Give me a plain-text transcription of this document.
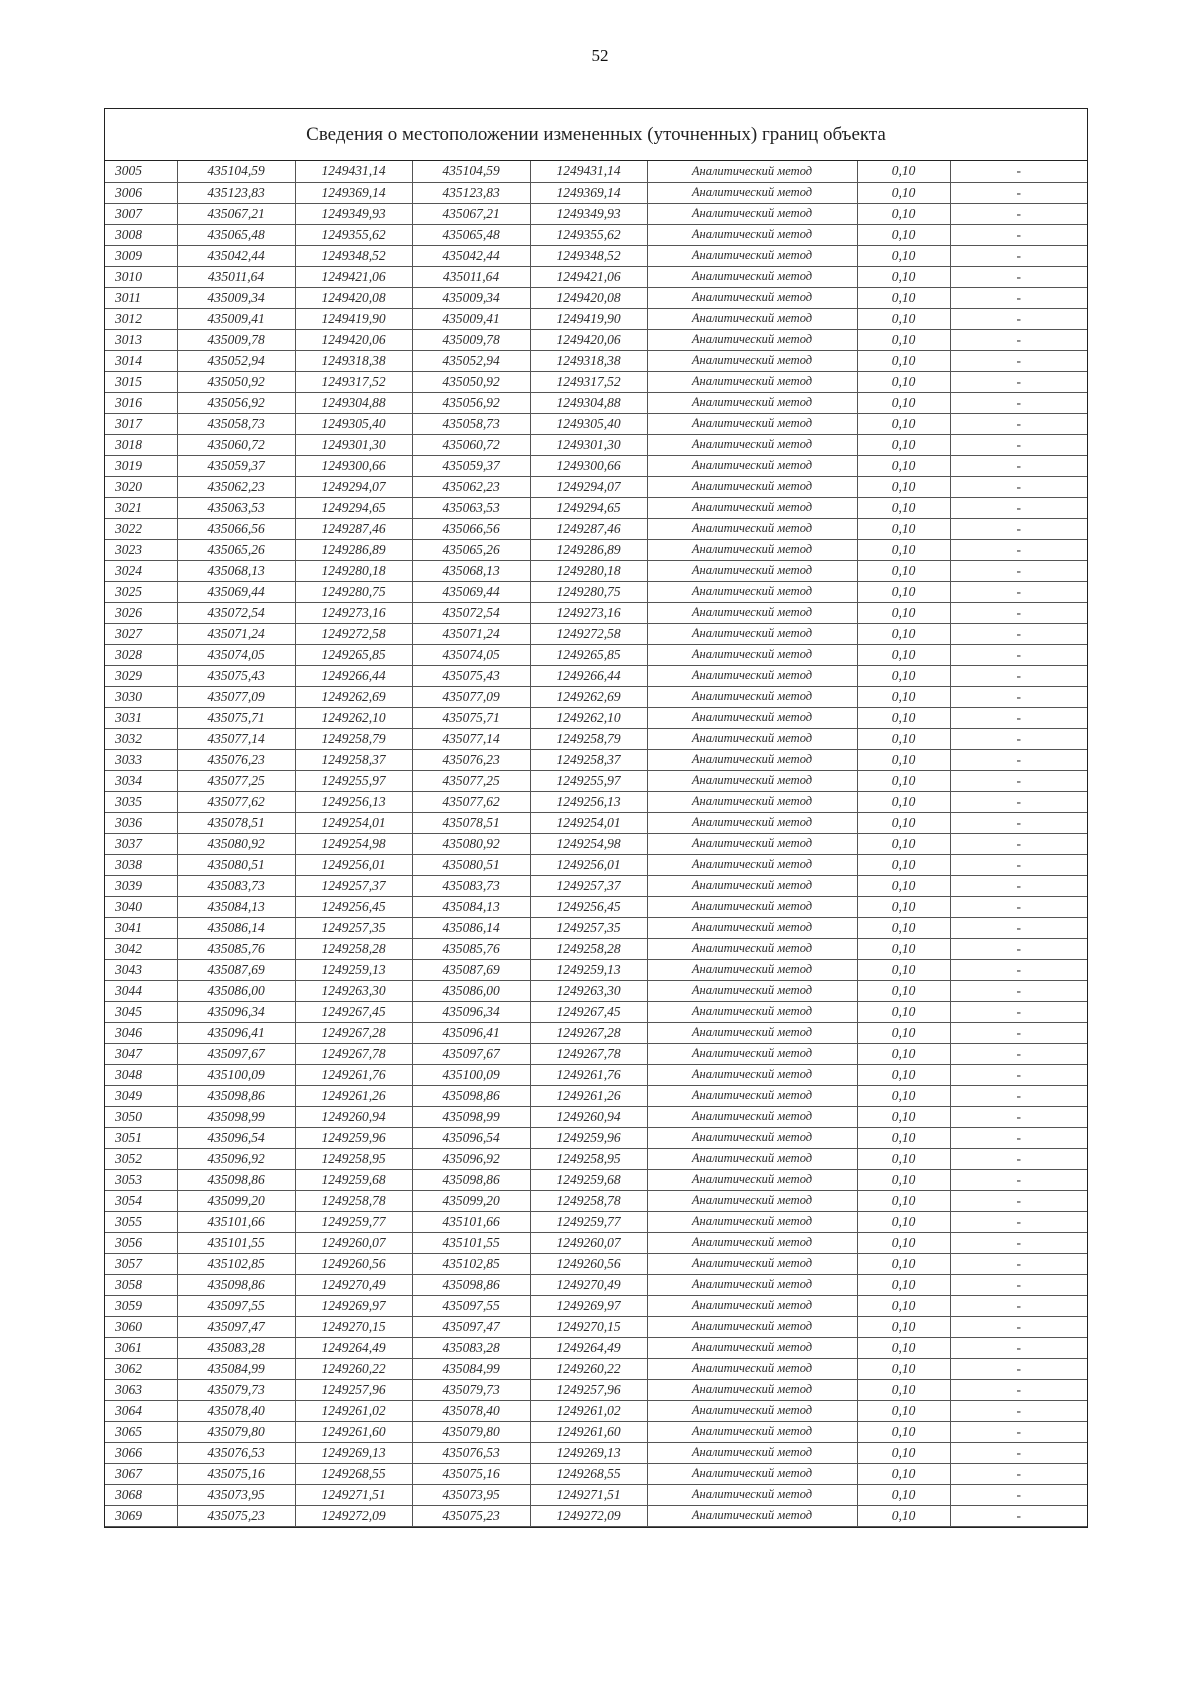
52
Сведения о местоположении измененных (уточненных) границ объекта
3005	435104,59	1249431,14	435104,59	1249431,14	Аналитический метод	0,10	-
3006	435123,83	1249369,14	435123,83	1249369,14	Аналитический метод	0,10	-
3007	435067,21	1249349,93	435067,21	1249349,93	Аналитический метод	0,10	-
3008	435065,48	1249355,62	435065,48	1249355,62	Аналитический метод	0,10	-
3009	435042,44	1249348,52	435042,44	1249348,52	Аналитический метод	0,10	-
3010	435011,64	1249421,06	435011,64	1249421,06	Аналитический метод	0,10	-
3011	435009,34	1249420,08	435009,34	1249420,08	Аналитический метод	0,10	-
3012	435009,41	1249419,90	435009,41	1249419,90	Аналитический метод	0,10	-
3013	435009,78	1249420,06	435009,78	1249420,06	Аналитический метод	0,10	-
3014	435052,94	1249318,38	435052,94	1249318,38	Аналитический метод	0,10	-
3015	435050,92	1249317,52	435050,92	1249317,52	Аналитический метод	0,10	-
3016	435056,92	1249304,88	435056,92	1249304,88	Аналитический метод	0,10	-
3017	435058,73	1249305,40	435058,73	1249305,40	Аналитический метод	0,10	-
3018	435060,72	1249301,30	435060,72	1249301,30	Аналитический метод	0,10	-
3019	435059,37	1249300,66	435059,37	1249300,66	Аналитический метод	0,10	-
3020	435062,23	1249294,07	435062,23	1249294,07	Аналитический метод	0,10	-
3021	435063,53	1249294,65	435063,53	1249294,65	Аналитический метод	0,10	-
3022	435066,56	1249287,46	435066,56	1249287,46	Аналитический метод	0,10	-
3023	435065,26	1249286,89	435065,26	1249286,89	Аналитический метод	0,10	-
3024	435068,13	1249280,18	435068,13	1249280,18	Аналитический метод	0,10	-
3025	435069,44	1249280,75	435069,44	1249280,75	Аналитический метод	0,10	-
3026	435072,54	1249273,16	435072,54	1249273,16	Аналитический метод	0,10	-
3027	435071,24	1249272,58	435071,24	1249272,58	Аналитический метод	0,10	-
3028	435074,05	1249265,85	435074,05	1249265,85	Аналитический метод	0,10	-
3029	435075,43	1249266,44	435075,43	1249266,44	Аналитический метод	0,10	-
3030	435077,09	1249262,69	435077,09	1249262,69	Аналитический метод	0,10	-
3031	435075,71	1249262,10	435075,71	1249262,10	Аналитический метод	0,10	-
3032	435077,14	1249258,79	435077,14	1249258,79	Аналитический метод	0,10	-
3033	435076,23	1249258,37	435076,23	1249258,37	Аналитический метод	0,10	-
3034	435077,25	1249255,97	435077,25	1249255,97	Аналитический метод	0,10	-
3035	435077,62	1249256,13	435077,62	1249256,13	Аналитический метод	0,10	-
3036	435078,51	1249254,01	435078,51	1249254,01	Аналитический метод	0,10	-
3037	435080,92	1249254,98	435080,92	1249254,98	Аналитический метод	0,10	-
3038	435080,51	1249256,01	435080,51	1249256,01	Аналитический метод	0,10	-
3039	435083,73	1249257,37	435083,73	1249257,37	Аналитический метод	0,10	-
3040	435084,13	1249256,45	435084,13	1249256,45	Аналитический метод	0,10	-
3041	435086,14	1249257,35	435086,14	1249257,35	Аналитический метод	0,10	-
3042	435085,76	1249258,28	435085,76	1249258,28	Аналитический метод	0,10	-
3043	435087,69	1249259,13	435087,69	1249259,13	Аналитический метод	0,10	-
3044	435086,00	1249263,30	435086,00	1249263,30	Аналитический метод	0,10	-
3045	435096,34	1249267,45	435096,34	1249267,45	Аналитический метод	0,10	-
3046	435096,41	1249267,28	435096,41	1249267,28	Аналитический метод	0,10	-
3047	435097,67	1249267,78	435097,67	1249267,78	Аналитический метод	0,10	-
3048	435100,09	1249261,76	435100,09	1249261,76	Аналитический метод	0,10	-
3049	435098,86	1249261,26	435098,86	1249261,26	Аналитический метод	0,10	-
3050	435098,99	1249260,94	435098,99	1249260,94	Аналитический метод	0,10	-
3051	435096,54	1249259,96	435096,54	1249259,96	Аналитический метод	0,10	-
3052	435096,92	1249258,95	435096,92	1249258,95	Аналитический метод	0,10	-
3053	435098,86	1249259,68	435098,86	1249259,68	Аналитический метод	0,10	-
3054	435099,20	1249258,78	435099,20	1249258,78	Аналитический метод	0,10	-
3055	435101,66	1249259,77	435101,66	1249259,77	Аналитический метод	0,10	-
3056	435101,55	1249260,07	435101,55	1249260,07	Аналитический метод	0,10	-
3057	435102,85	1249260,56	435102,85	1249260,56	Аналитический метод	0,10	-
3058	435098,86	1249270,49	435098,86	1249270,49	Аналитический метод	0,10	-
3059	435097,55	1249269,97	435097,55	1249269,97	Аналитический метод	0,10	-
3060	435097,47	1249270,15	435097,47	1249270,15	Аналитический метод	0,10	-
3061	435083,28	1249264,49	435083,28	1249264,49	Аналитический метод	0,10	-
3062	435084,99	1249260,22	435084,99	1249260,22	Аналитический метод	0,10	-
3063	435079,73	1249257,96	435079,73	1249257,96	Аналитический метод	0,10	-
3064	435078,40	1249261,02	435078,40	1249261,02	Аналитический метод	0,10	-
3065	435079,80	1249261,60	435079,80	1249261,60	Аналитический метод	0,10	-
3066	435076,53	1249269,13	435076,53	1249269,13	Аналитический метод	0,10	-
3067	435075,16	1249268,55	435075,16	1249268,55	Аналитический метод	0,10	-
3068	435073,95	1249271,51	435073,95	1249271,51	Аналитический метод	0,10	-
3069	435075,23	1249272,09	435075,23	1249272,09	Аналитический метод	0,10	-
